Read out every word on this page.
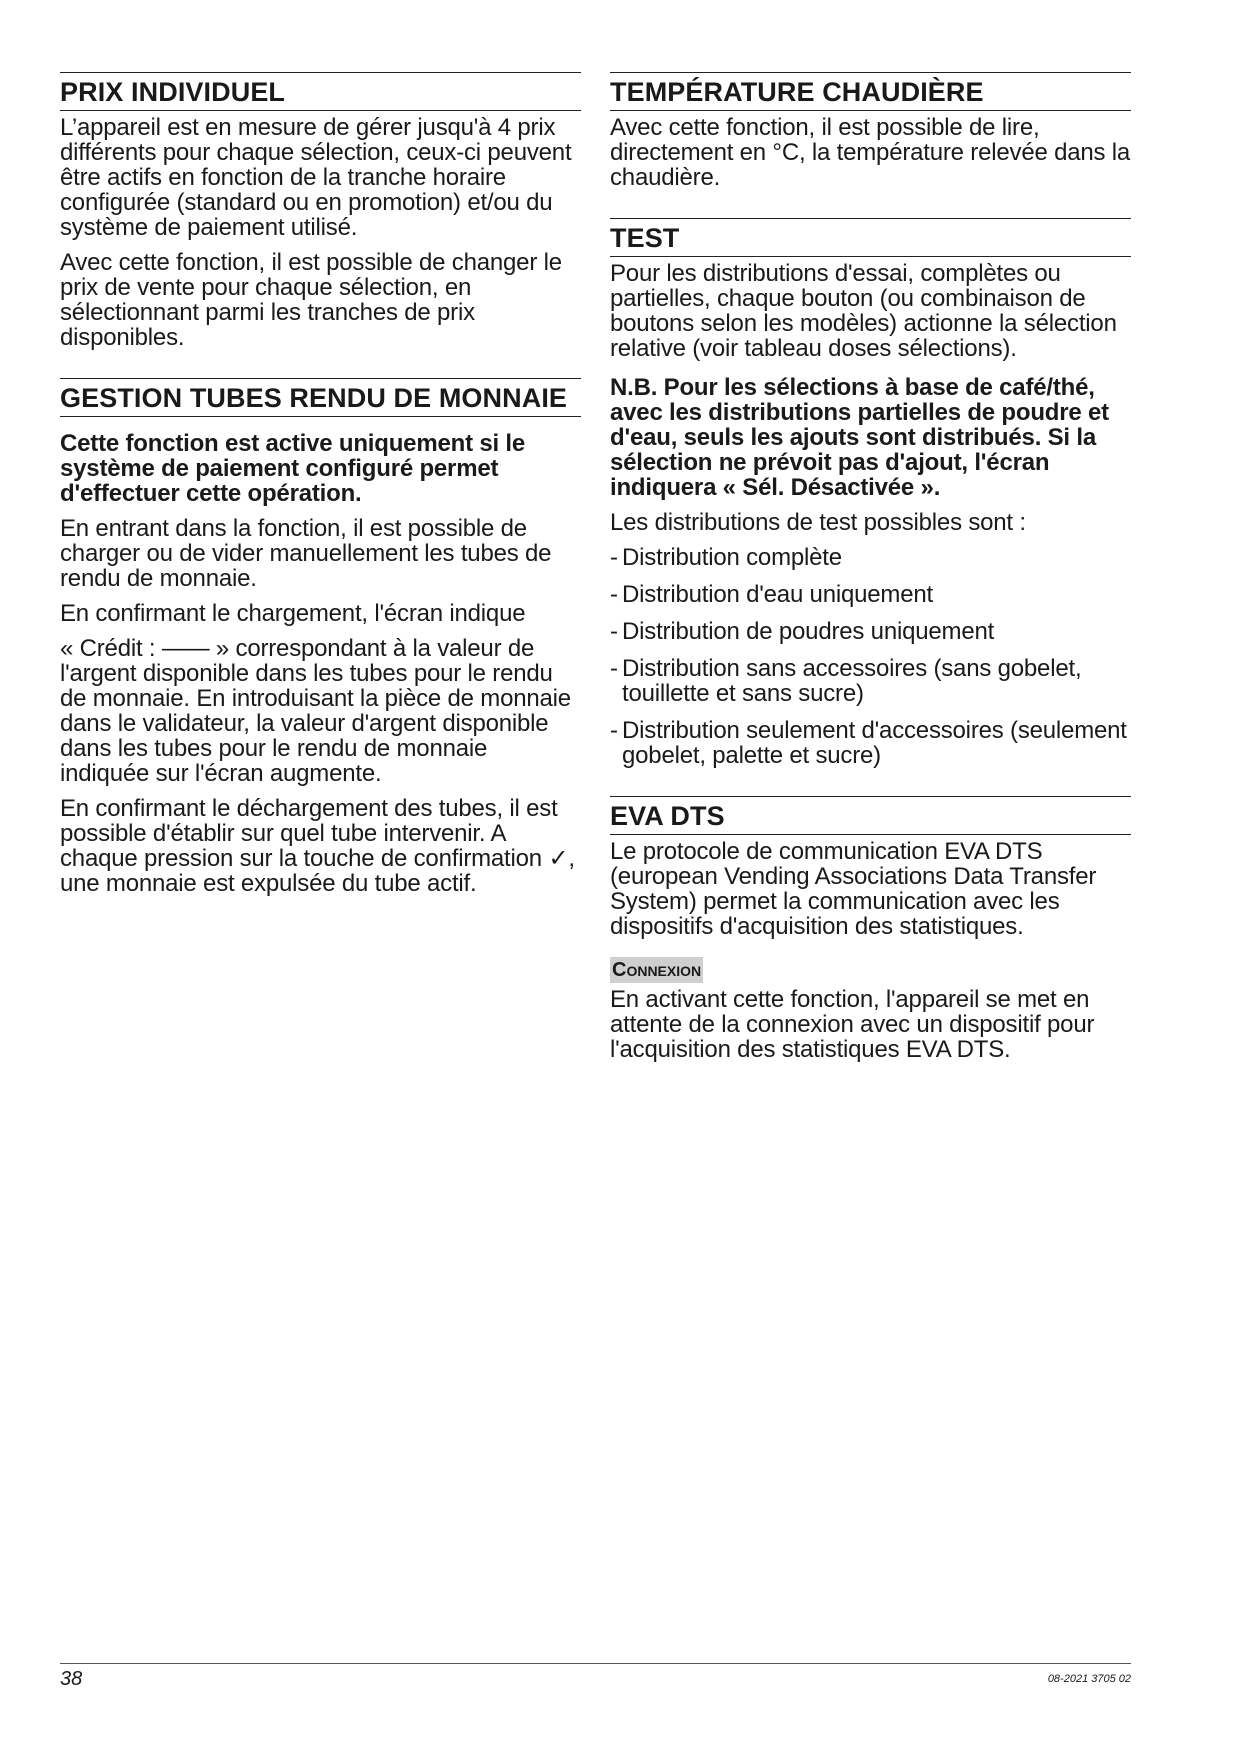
PRIX INDIVIDUEL

L’appareil est en mesure de gérer jusqu'à 4 prix différents pour chaque sélection, ceux-ci peuvent être actifs en fonction de la tranche horaire configurée (standard ou en promotion) et/ou du système de paiement utilisé.

Avec cette fonction, il est possible de changer le prix de vente pour chaque sélection, en sélectionnant parmi les tranches de prix disponibles.

GESTION TUBES RENDU DE MONNAIE

Cette fonction est active uniquement si le système de paiement configuré permet d'effectuer cette opération.

En entrant dans la fonction, il est possible de charger ou de vider manuellement les tubes de rendu de monnaie.

En confirmant le chargement, l'écran indique

« Crédit : —— » correspondant à la valeur de l'argent disponible dans les tubes pour le rendu de monnaie. En introduisant la pièce de monnaie dans le validateur, la valeur d'argent disponible dans les tubes pour le rendu de monnaie indiquée sur l'écran augmente.

En confirmant le déchargement des tubes, il est possible d'établir sur quel tube intervenir. A chaque pression sur la touche de confirmation ✓, une monnaie est expulsée du tube actif.

TEMPÉRATURE CHAUDIÈRE

Avec cette fonction, il est possible de lire, directement en °C, la température relevée dans la chaudière.

TEST

Pour les distributions d'essai, complètes ou partielles, chaque bouton (ou combinaison de boutons selon les modèles) actionne la sélection relative (voir tableau doses sélections).

N.B. Pour les sélections à base de café/thé, avec les distributions partielles de poudre et d'eau, seuls les ajouts sont distribués. Si la sélection ne prévoit pas d'ajout, l'écran indiquera « Sél. Désactivée ».

Les distributions de test possibles sont :

- Distribution complète
- Distribution d'eau uniquement
- Distribution de poudres uniquement
- Distribution sans accessoires (sans gobelet, touillette et sans sucre)
- Distribution seulement d'accessoires (seulement gobelet, palette et sucre)
EVA DTS

Le protocole de communication EVA DTS (european Vending Associations Data Transfer System) permet la communication avec les dispositifs d'acquisition des statistiques.

Connexion

En activant cette fonction, l'appareil se met en attente de la connexion avec un dispositif pour l'acquisition des statistiques EVA DTS.

38	08-2021 3705 02
